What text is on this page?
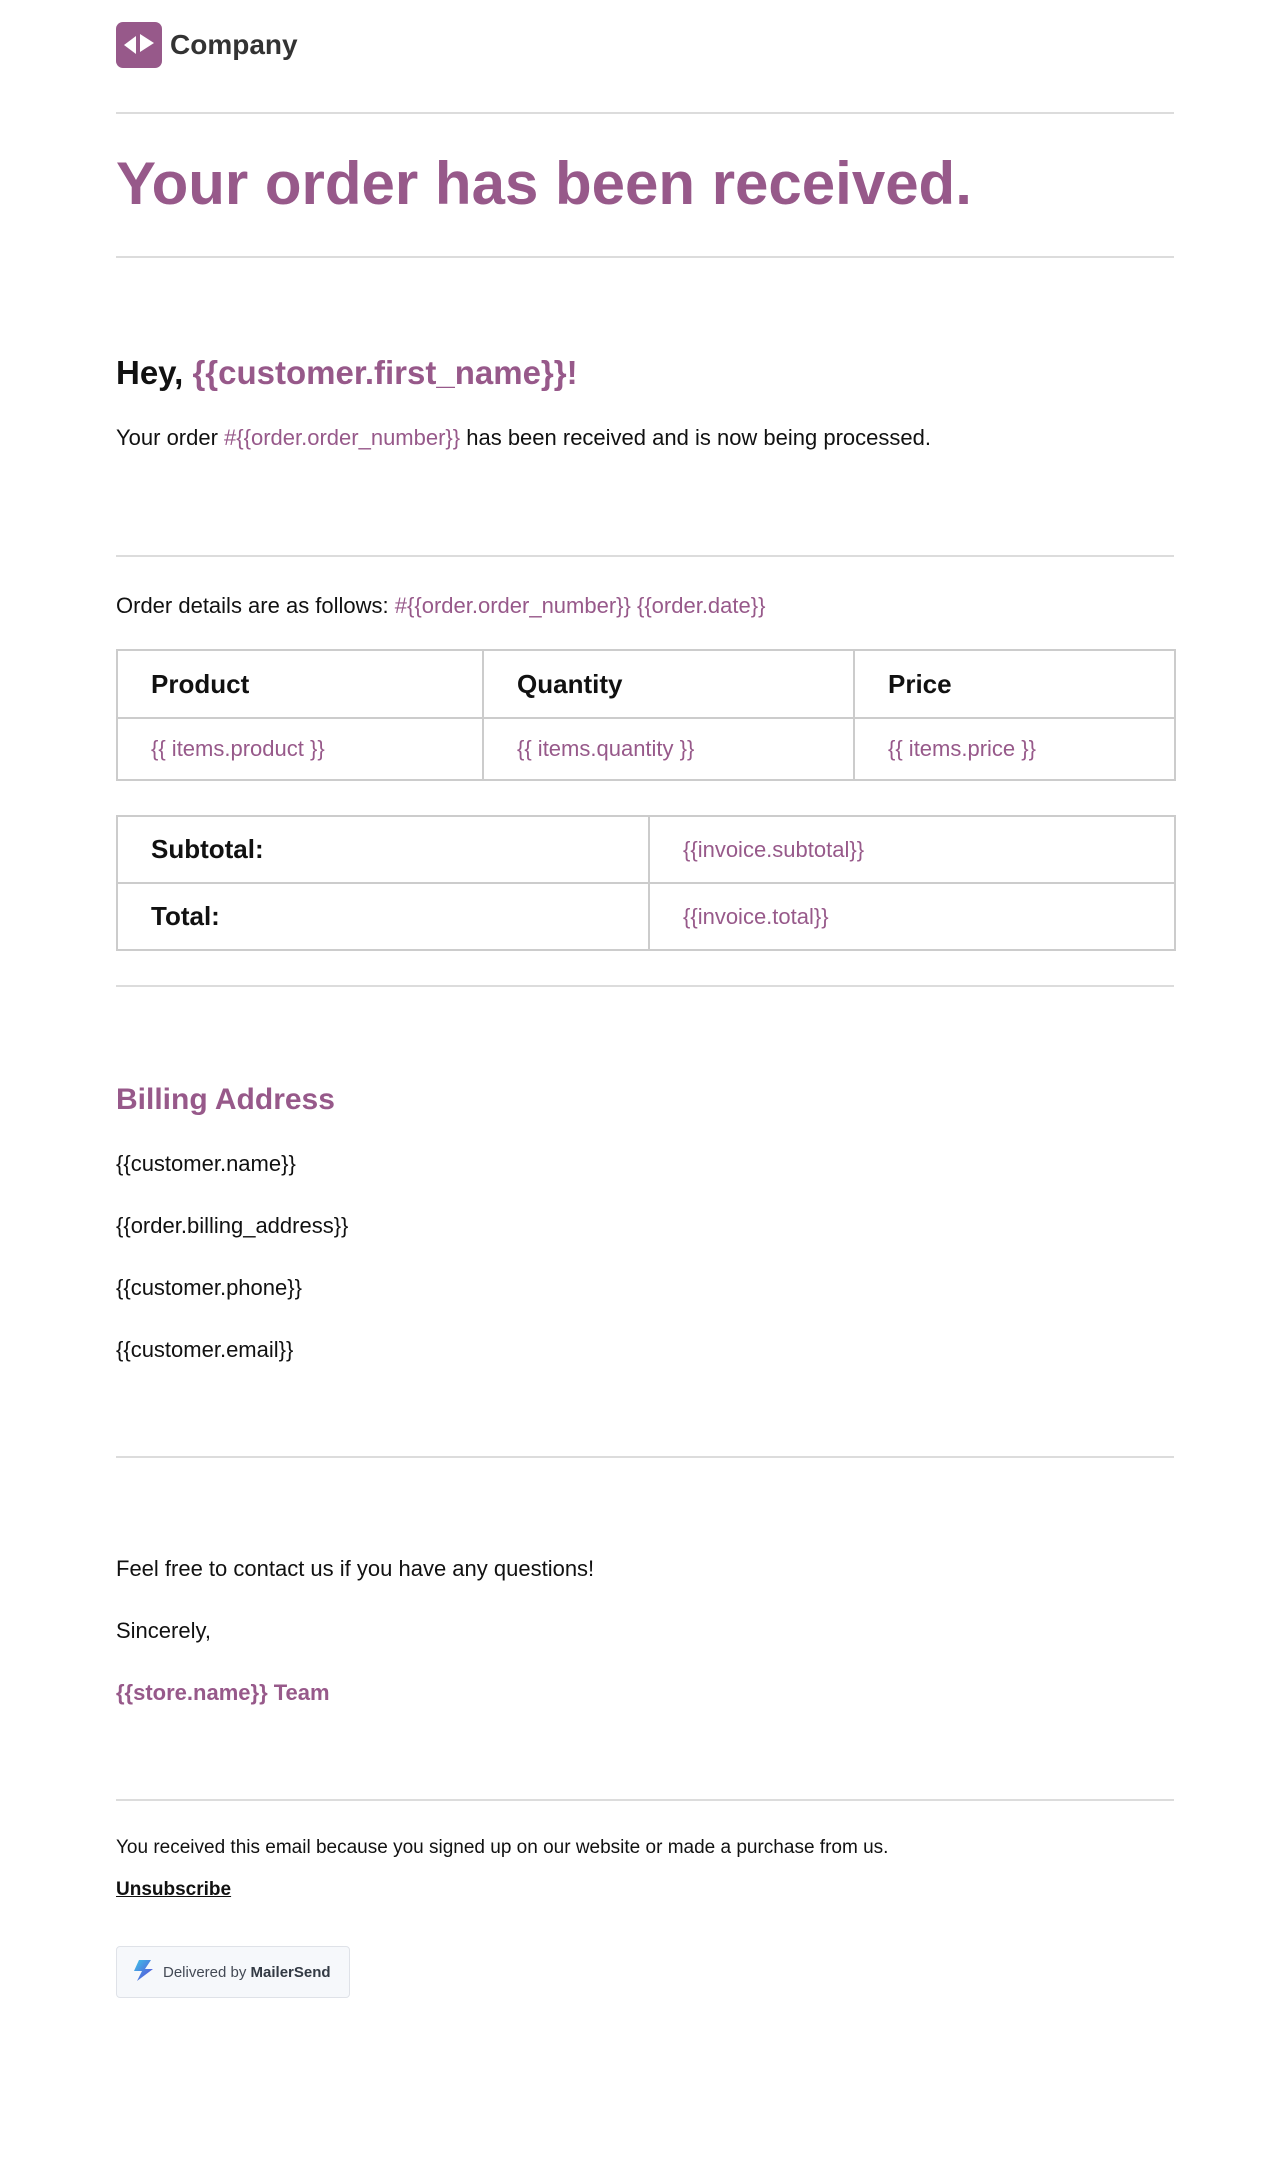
Company
Your order has been received.
Hey, {{customer.first_name}}!

Your order #{{order.order_number}} has been received and is now being processed.

Order details are as follows: #{{order.order_number}} {{order.date}}

Product	Quantity	Price
{{ items.product }}	{{ items.quantity }}	{{ items.price }}
Subtotal:	{{invoice.subtotal}}
Total:	{{invoice.total}}
Billing Address

{{customer.name}}

{{order.billing_address}}

{{customer.phone}}

{{customer.email}}

Feel free to contact us if you have any questions!

Sincerely,

{{store.name}} Team

You received this email because you signed up on our website or made a purchase from us.

Unsubscribe
Delivered by MailerSend
